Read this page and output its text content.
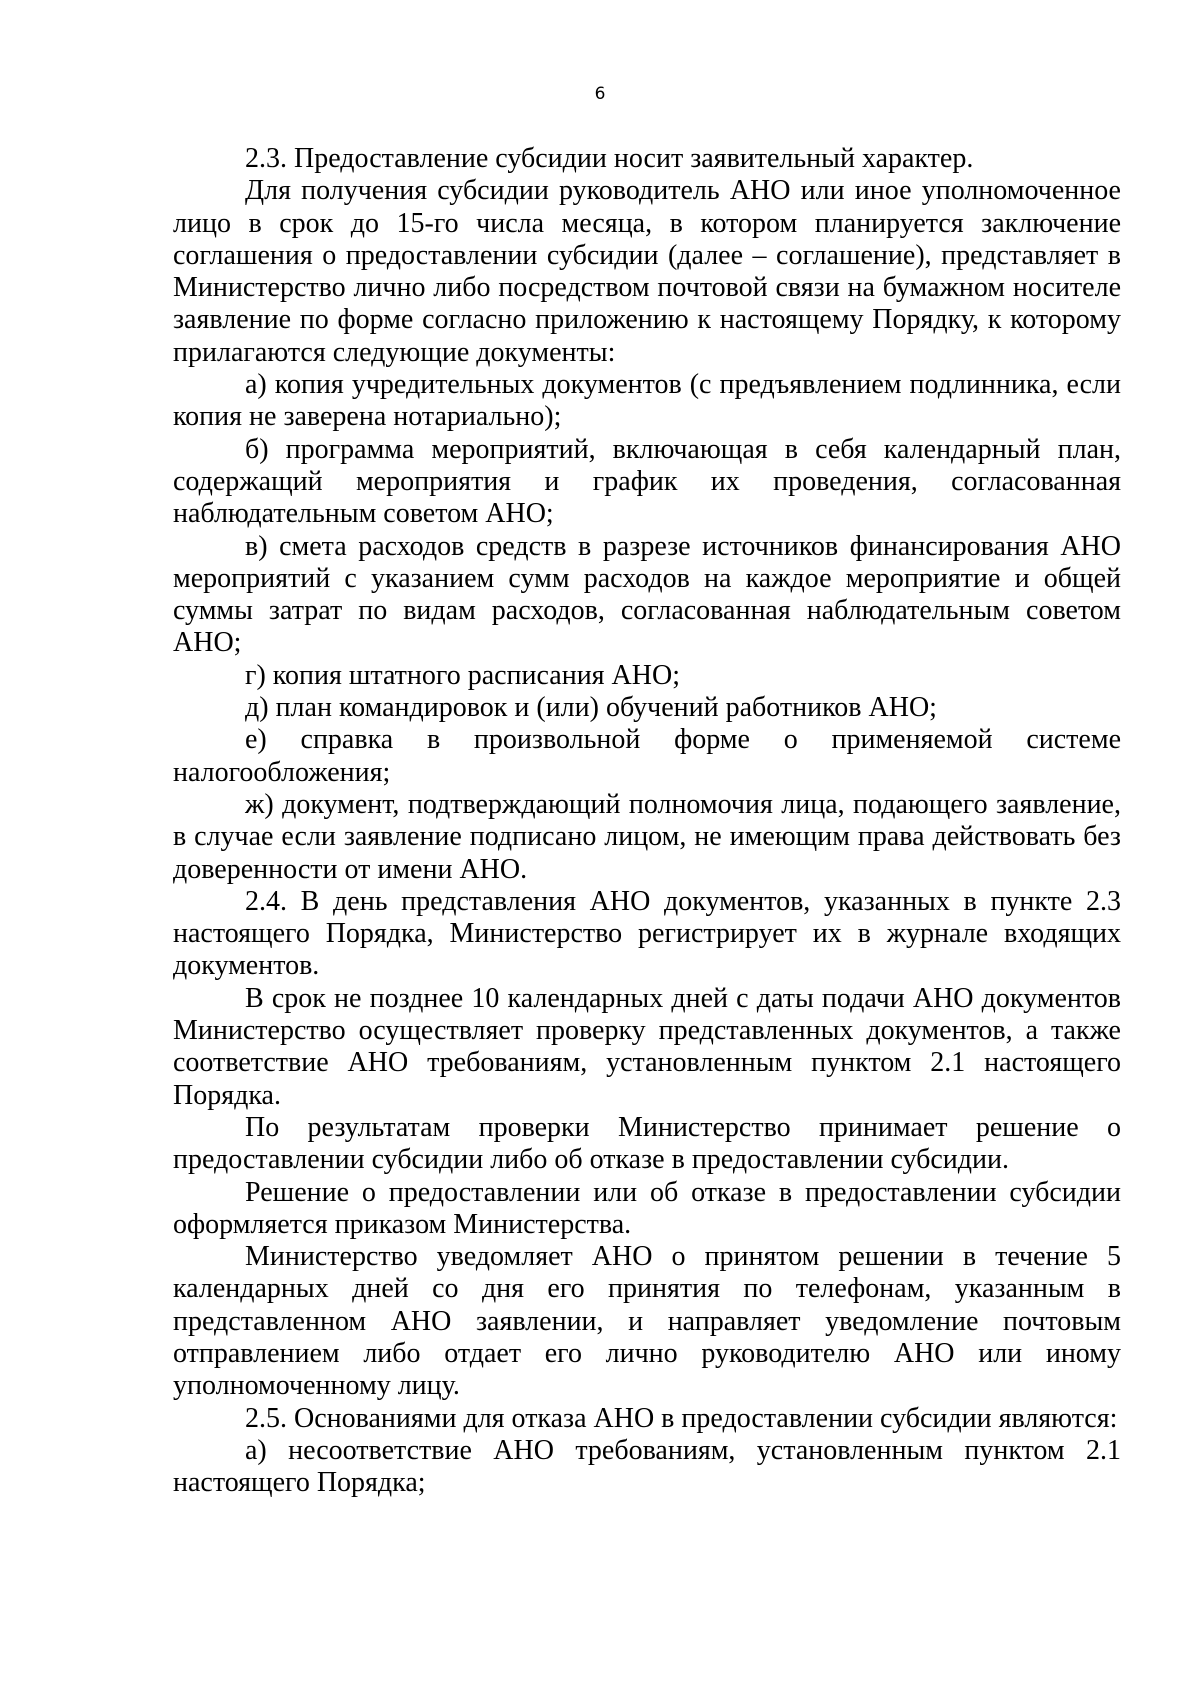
6

2.3. Предоставление субсидии носит заявительный характер.

Для получения субсидии руководитель АНО или иное уполномоченное лицо в срок до 15-го числа месяца, в котором планируется заключение соглашения о предоставлении субсидии (далее – соглашение), представляет в Министерство лично либо посредством почтовой связи на бумажном носителе заявление по форме согласно приложению к настоящему Порядку, к которому прилагаются следующие документы:

а) копия учредительных документов (с предъявлением подлинника, если копия не заверена нотариально);

б) программа мероприятий, включающая в себя календарный план, содержащий мероприятия и график их проведения, согласованная наблюдательным советом АНО;

в) смета расходов средств в разрезе источников финансирования АНО мероприятий с указанием сумм расходов на каждое мероприятие и общей суммы затрат по видам расходов, согласованная наблюдательным советом АНО;

г) копия штатного расписания АНО;

д) план командировок и (или) обучений работников АНО;

е) справка в произвольной форме о применяемой системе налогообложения;

ж) документ, подтверждающий полномочия лица, подающего заявление, в случае если заявление подписано лицом, не имеющим права действовать без доверенности от имени АНО.

2.4. В день представления АНО документов, указанных в пункте 2.3 настоящего Порядка, Министерство регистрирует их в журнале входящих документов.

В срок не позднее 10 календарных дней с даты подачи АНО документов Министерство осуществляет проверку представленных документов, а также соответствие АНО требованиям, установленным пунктом 2.1 настоящего Порядка.

По результатам проверки Министерство принимает решение о предоставлении субсидии либо об отказе в предоставлении субсидии.

Решение о предоставлении или об отказе в предоставлении субсидии оформляется приказом Министерства.

Министерство уведомляет АНО о принятом решении в течение 5 календарных дней со дня его принятия по телефонам, указанным в представленном АНО заявлении, и направляет уведомление почтовым отправлением либо отдает его лично руководителю АНО или иному уполномоченному лицу.

2.5. Основаниями для отказа АНО в предоставлении субсидии являются:

а) несоответствие АНО требованиям, установленным пунктом 2.1 настоящего Порядка;
